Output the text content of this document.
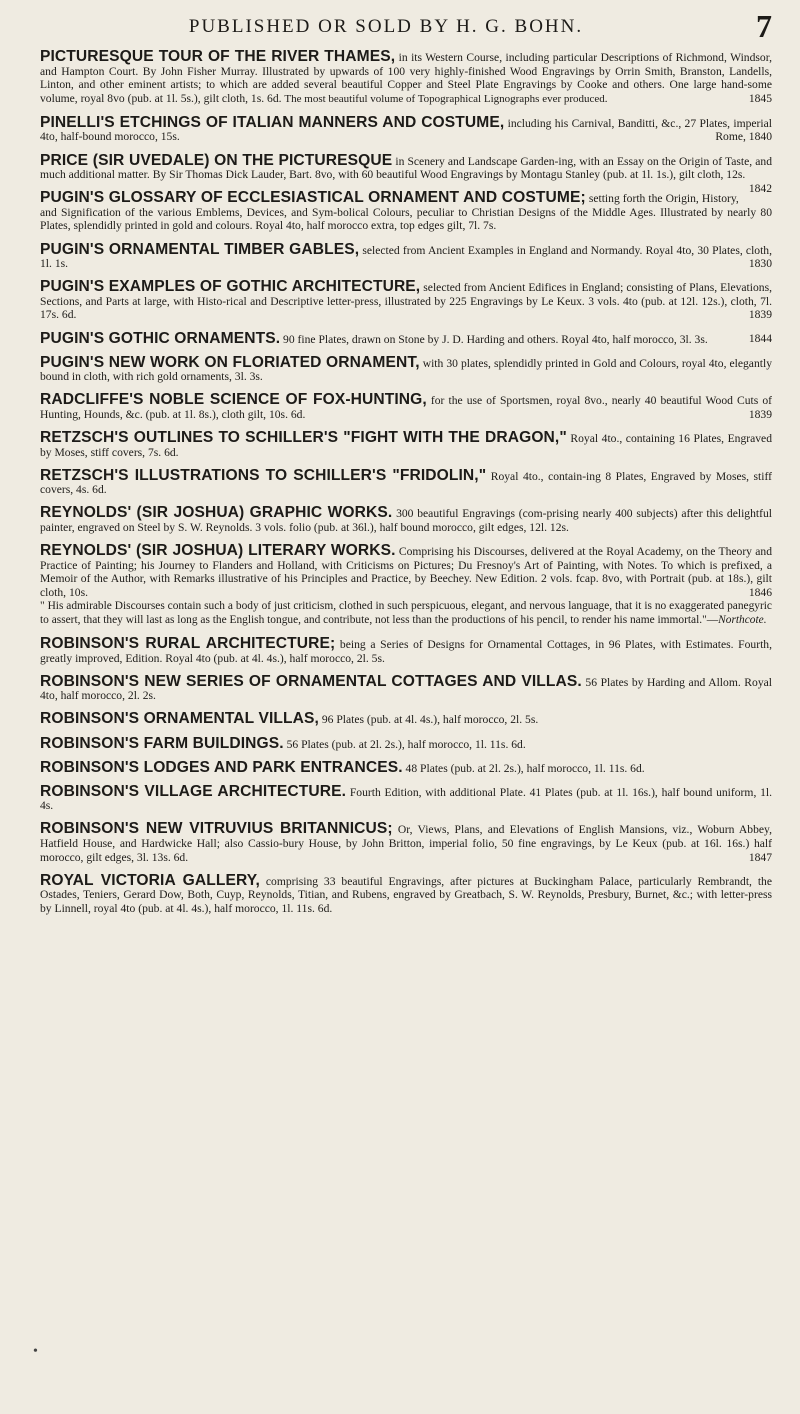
PUBLISHED OR SOLD BY H. G. BOHN.	7

PICTURESQUE TOUR OF THE RIVER THAMES, in its Western Course, including particular Descriptions of Richmond, Windsor, and Hampton Court. By John Fisher Murray. Illustrated by upwards of 100 very highly-finished Wood Engravings by Orrin Smith, Branston, Landells, Linton, and other eminent artists; to which are added several beautiful Copper and Steel Plate Engravings by Cooke and others. One large hand-some volume, royal 8vo (pub. at 1l. 5s.), gilt cloth, 1s. 6d.	1845
The most beautiful volume of Topographical Lignographs ever produced.

PINELLI'S ETCHINGS OF ITALIAN MANNERS AND COSTUME, including his Carnival, Banditti, &c., 27 Plates, imperial 4to, half-bound morocco, 15s.	Rome, 1840

PRICE (SIR UVEDALE) ON THE PICTURESQUE in Scenery and Landscape Garden-ing, with an Essay on the Origin of Taste, and much additional matter. By Sir Thomas Dick Lauder, Bart. 8vo, with 60 beautiful Wood Engravings by Montagu Stanley (pub. at 1l. 1s.), gilt cloth, 12s.
1842

PUGIN'S GLOSSARY OF ECCLESIASTICAL ORNAMENT AND COSTUME; setting forth the Origin, History, and Signification of the various Emblems, Devices, and Sym-bolical Colours, peculiar to Christian Designs of the Middle Ages. Illustrated by nearly 80 Plates, splendidly printed in gold and colours. Royal 4to, half morocco extra, top edges gilt, 7l. 7s.

PUGIN'S ORNAMENTAL TIMBER GABLES, selected from Ancient Examples in England and Normandy. Royal 4to, 30 Plates, cloth, 1l. 1s.	1830

PUGIN'S EXAMPLES OF GOTHIC ARCHITECTURE, selected from Ancient Edifices in England; consisting of Plans, Elevations, Sections, and Parts at large, with Histo-rical and Descriptive letter-press, illustrated by 225 Engravings by Le Keux. 3 vols. 4to (pub. at 12l. 12s.), cloth, 7l. 17s. 6d.	1839

PUGIN'S GOTHIC ORNAMENTS. 90 fine Plates, drawn on Stone by J. D. Harding and others. Royal 4to, half morocco, 3l. 3s.	1844

PUGIN'S NEW WORK ON FLORIATED ORNAMENT, with 30 plates, splendidly printed in Gold and Colours, royal 4to, elegantly bound in cloth, with rich gold ornaments, 3l. 3s.

RADCLIFFE'S NOBLE SCIENCE OF FOX-HUNTING, for the use of Sportsmen, royal 8vo., nearly 40 beautiful Wood Cuts of Hunting, Hounds, &c. (pub. at 1l. 8s.), cloth gilt, 10s. 6d.	1839

RETZSCH'S OUTLINES TO SCHILLER'S "FIGHT WITH THE DRAGON," Royal 4to., containing 16 Plates, Engraved by Moses, stiff covers, 7s. 6d.

RETZSCH'S ILLUSTRATIONS TO SCHILLER'S "FRIDOLIN," Royal 4to., contain-ing 8 Plates, Engraved by Moses, stiff covers, 4s. 6d.

REYNOLDS' (SIR JOSHUA) GRAPHIC WORKS. 300 beautiful Engravings (com-prising nearly 400 subjects) after this delightful painter, engraved on Steel by S. W. Reynolds. 3 vols. folio (pub. at 36l.), half bound morocco, gilt edges, 12l. 12s.

REYNOLDS' (SIR JOSHUA) LITERARY WORKS. Comprising his Discourses, delivered at the Royal Academy, on the Theory and Practice of Painting; his Journey to Flanders and Holland, with Criticisms on Pictures; Du Fresnoy's Art of Painting, with Notes. To which is prefixed, a Memoir of the Author, with Remarks illustrative of his Principles and Practice, by Beechey. New Edition. 2 vols. fcap. 8vo, with Portrait (pub. at 18s.), gilt cloth, 10s.	1846
" His admirable Discourses contain such a body of just criticism, clothed in such perspicuous, elegant, and nervous language, that it is no exaggerated panegyric to assert, that they will last as long as the English tongue, and contribute, not less than the productions of his pencil, to render his name immortal."—Northcote.

ROBINSON'S RURAL ARCHITECTURE; being a Series of Designs for Ornamental Cottages, in 96 Plates, with Estimates. Fourth, greatly improved, Edition. Royal 4to (pub. at 4l. 4s.), half morocco, 2l. 5s.

ROBINSON'S NEW SERIES OF ORNAMENTAL COTTAGES AND VILLAS. 56 Plates by Harding and Allom. Royal 4to, half morocco, 2l. 2s.

ROBINSON'S ORNAMENTAL VILLAS, 96 Plates (pub. at 4l. 4s.), half morocco, 2l. 5s.

ROBINSON'S FARM BUILDINGS. 56 Plates (pub. at 2l. 2s.), half morocco, 1l. 11s. 6d.

ROBINSON'S LODGES AND PARK ENTRANCES. 48 Plates (pub. at 2l. 2s.), half morocco, 1l. 11s. 6d.

ROBINSON'S VILLAGE ARCHITECTURE. Fourth Edition, with additional Plate. 41 Plates (pub. at 1l. 16s.), half bound uniform, 1l. 4s.

ROBINSON'S NEW VITRUVIUS BRITANNICUS; Or, Views, Plans, and Elevations of English Mansions, viz., Woburn Abbey, Hatfield House, and Hardwicke Hall; also Cassio-bury House, by John Britton, imperial folio, 50 fine engravings, by Le Keux (pub. at 16l. 16s.) half morocco, gilt edges, 3l. 13s. 6d.	1847

ROYAL VICTORIA GALLERY, comprising 33 beautiful Engravings, after pictures at Buckingham Palace, particularly Rembrandt, the Ostades, Teniers, Gerard Dow, Both, Cuyp, Reynolds, Titian, and Rubens, engraved by Greatbach, S. W. Reynolds, Presbury, Burnet, &c.; with letter-press by Linnell, royal 4to (pub. at 4l. 4s.), half morocco, 1l. 11s. 6d.

•
